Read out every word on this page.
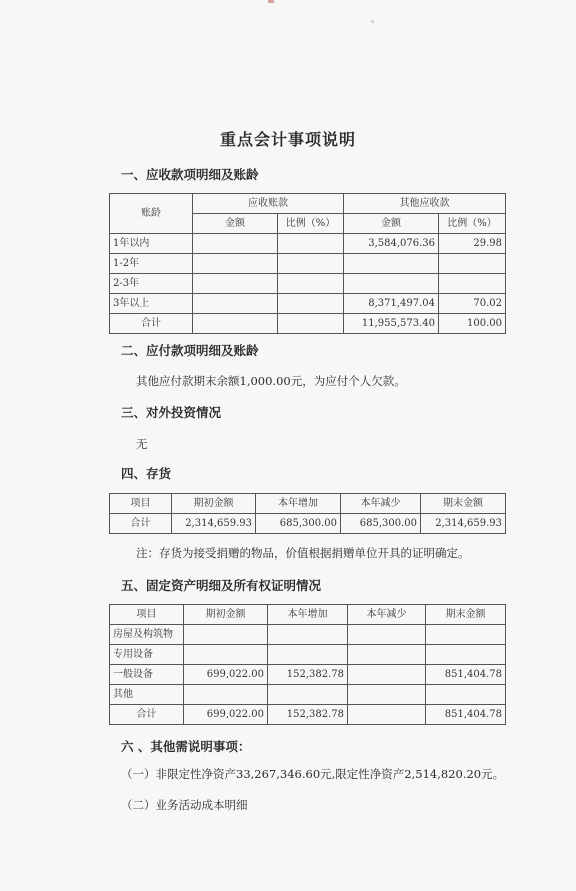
◦
重点会计事项说明
一、应收款项明细及账龄
账龄	应收账款		其他应收款	
	金额	比例（%）	金额	比例（%）
1年以内			3,584,076.36	29.98
1-2年				
2-3年				
3年以上			8,371,497.04	70.02
合计			11,955,573.40	100.00
二、应付款项明细及账龄
其他应付款期末余额1,000.00元，为应付个人欠款。
三、对外投资情况
无
四、存货
项目	期初金额	本年增加	本年减少	期末金额
合计	2,314,659.93	685,300.00	685,300.00	2,314,659.93
注：存货为接受捐赠的物品，价值根据捐赠单位开具的证明确定。
五、固定资产明细及所有权证明情况
项目	期初金额	本年增加	本年减少	期末金额
房屋及构筑物				
专用设备				
一般设备	699,022.00	152,382.78		851,404.78
其他				
合计	699,022.00	152,382.78		851,404.78
六 、其他需说明事项：
（一）非限定性净资产33,267,346.60元,限定性净资产2,514,820.20元。
（二）业务活动成本明细
